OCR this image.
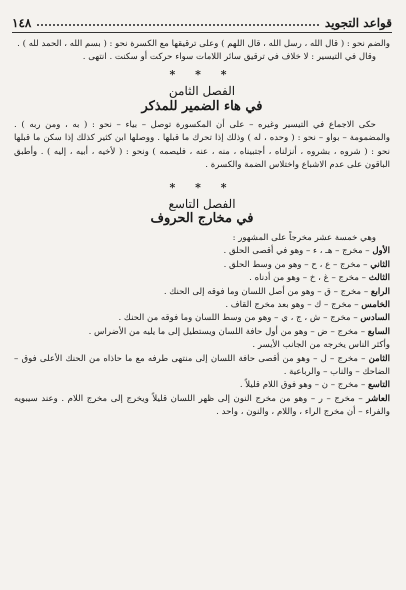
قواعد التجويد
١٤٨

والضم نحو : ( قال الله ، رسل الله ، قال اللهم ) وعلى ترقيقها مع الكسرة نحو : ( بسم الله ، الحمد لله ) .

وقال في التيسير : لا خلاف في ترقيق سائر اللامات سواء حركت أو سكنت . انتهى .

* * *
الفصل الثامن
في هاء الضمير للمذكر

حكى الاجماع في التيسير وغيره – على أن المكسورة توصل – بياء – نحو : ( به ، ومن ربه ) . والمضمومة – بواو – نحو : ( وحده ، له ) وذلك إذا تحرك ما قبلها . ووصلها ابن كثير كذلك إذا سكن ما قبلها نحو : ( شروه ، بشروه ، أنزلناه ، أجتبيناه ، منه ، عنه ، فليصمه ) ونحو : ( لأخيه ، أبيه ، إليه ) . وأطبق الباقون على عدم الاشباع واختلاس الضمة والكسرة .

* * *
الفصل التاسع
في مخارج الحروف

وهي خمسة عشر مخرجاً على المشهور :

الأول – مخرج – هـ ، ء – وهو في أقصى الحلق .

الثاني – مخرج – ع ، ح – وهو من وسط الحلق .

الثالث – مخرج – غ ، خ – وهو من أدناه .

الرابع – مخرج – ق – وهو من أصل اللسان وما فوقه إلى الحنك .

الخامس – مخرج – ك – وهو بعد مخرج القاف .

السادس – مخرج – ش ، ج ، ي – وهو من وسط اللسان وما فوقه من الحنك .

السابع – مخرج – ض – وهو من أول حافة اللسان ويستطيل إلى ما يليه من الأضراس .

وأكثر الناس يخرجه من الجانب الأيسر .

الثامن – مخرج – ل – وهو من أقصى حافة اللسان إلى منتهى طرفه مع ما حاذاه من الحنك الأعلى فوق – الضاحك – والناب – والرباعية .

التاسع – مخرج – ن – وهو فوق اللام قليلاً .

العاشر – مخرج – ر – وهو من مخرج النون إلى ظهر اللسان قليلاً ويخرج إلى مخرج اللام . وعند سيبويه والفراء – أن مخرج الراء ، واللام ، والنون ، واحد .
